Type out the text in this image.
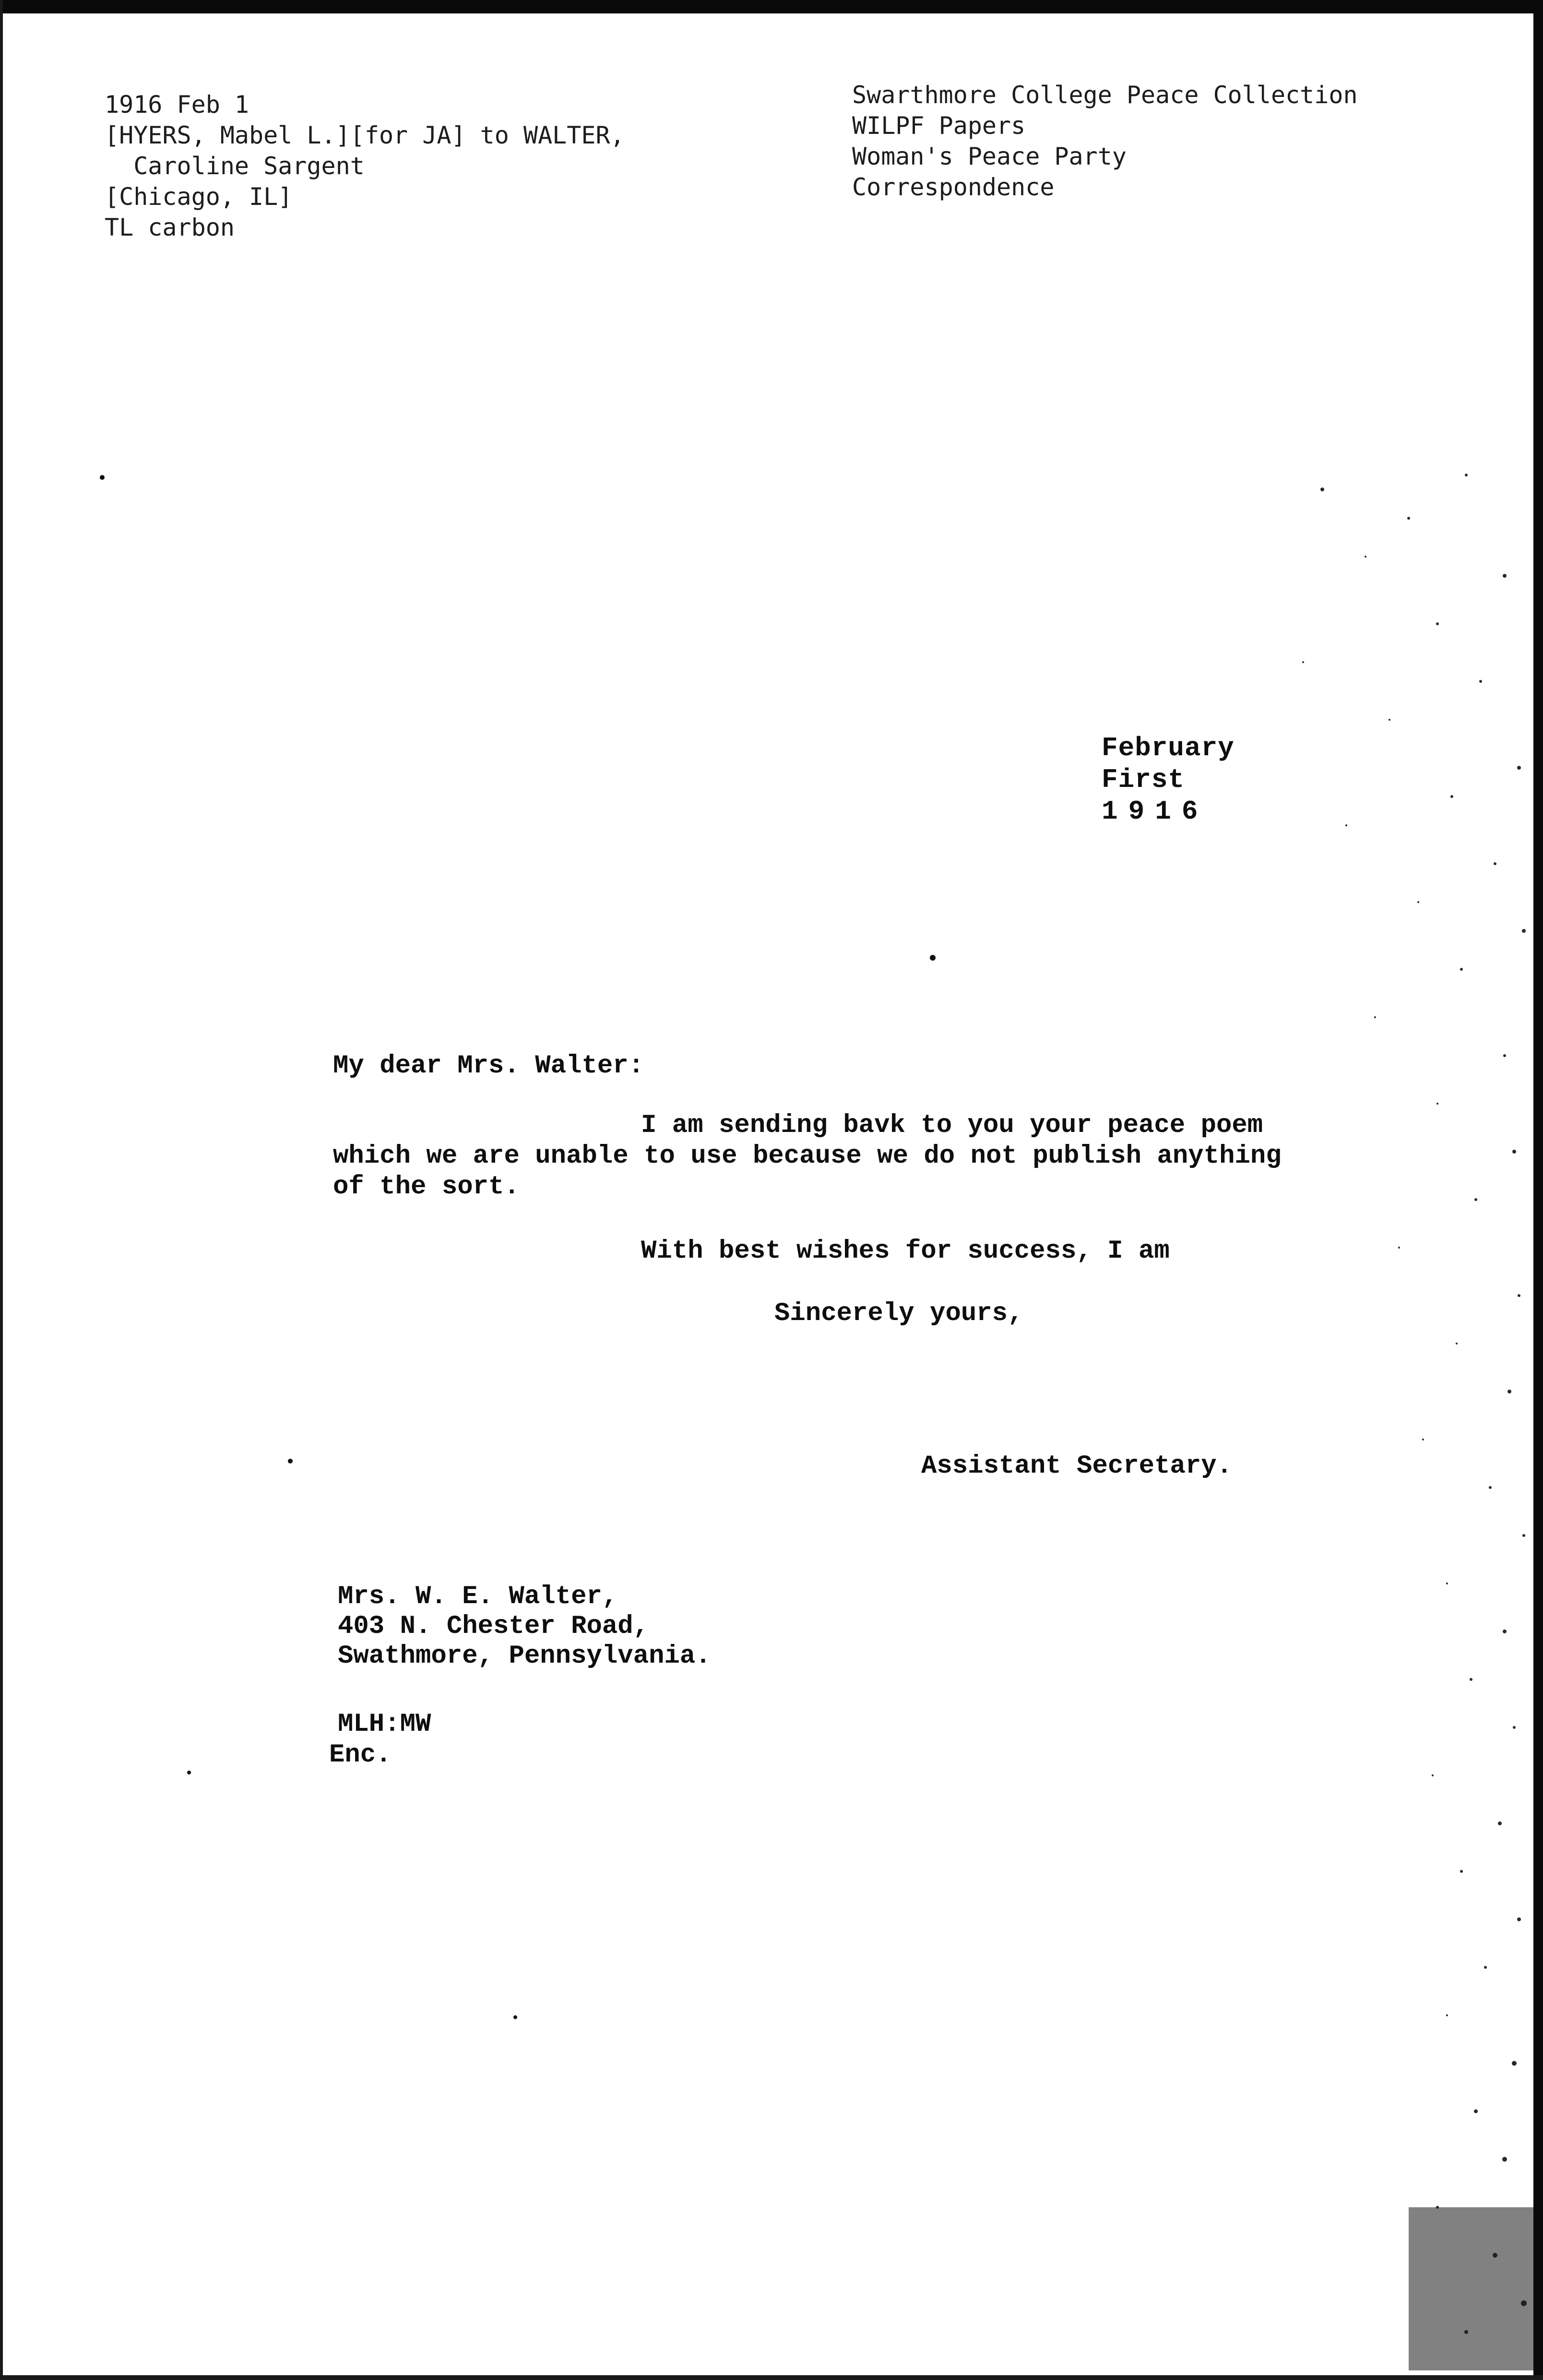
1916 Feb 1

[HYERS, Mabel L.][for JA] to WALTER,

Caroline Sargent

[Chicago, IL]

TL carbon

Swarthmore College Peace Collection

WILPF Papers

Woman's Peace Party

Correspondence

February

First

1916

My dear Mrs. Walter:

I am sending bavk to you your peace poem

which we are unable to use because we do not publish anything

of the sort.

With best wishes for success, I am

Sincerely yours,

Assistant Secretary.

Mrs. W. E. Walter,

403 N. Chester Road,

Swathmore, Pennsylvania.

MLH:MW

Enc.
